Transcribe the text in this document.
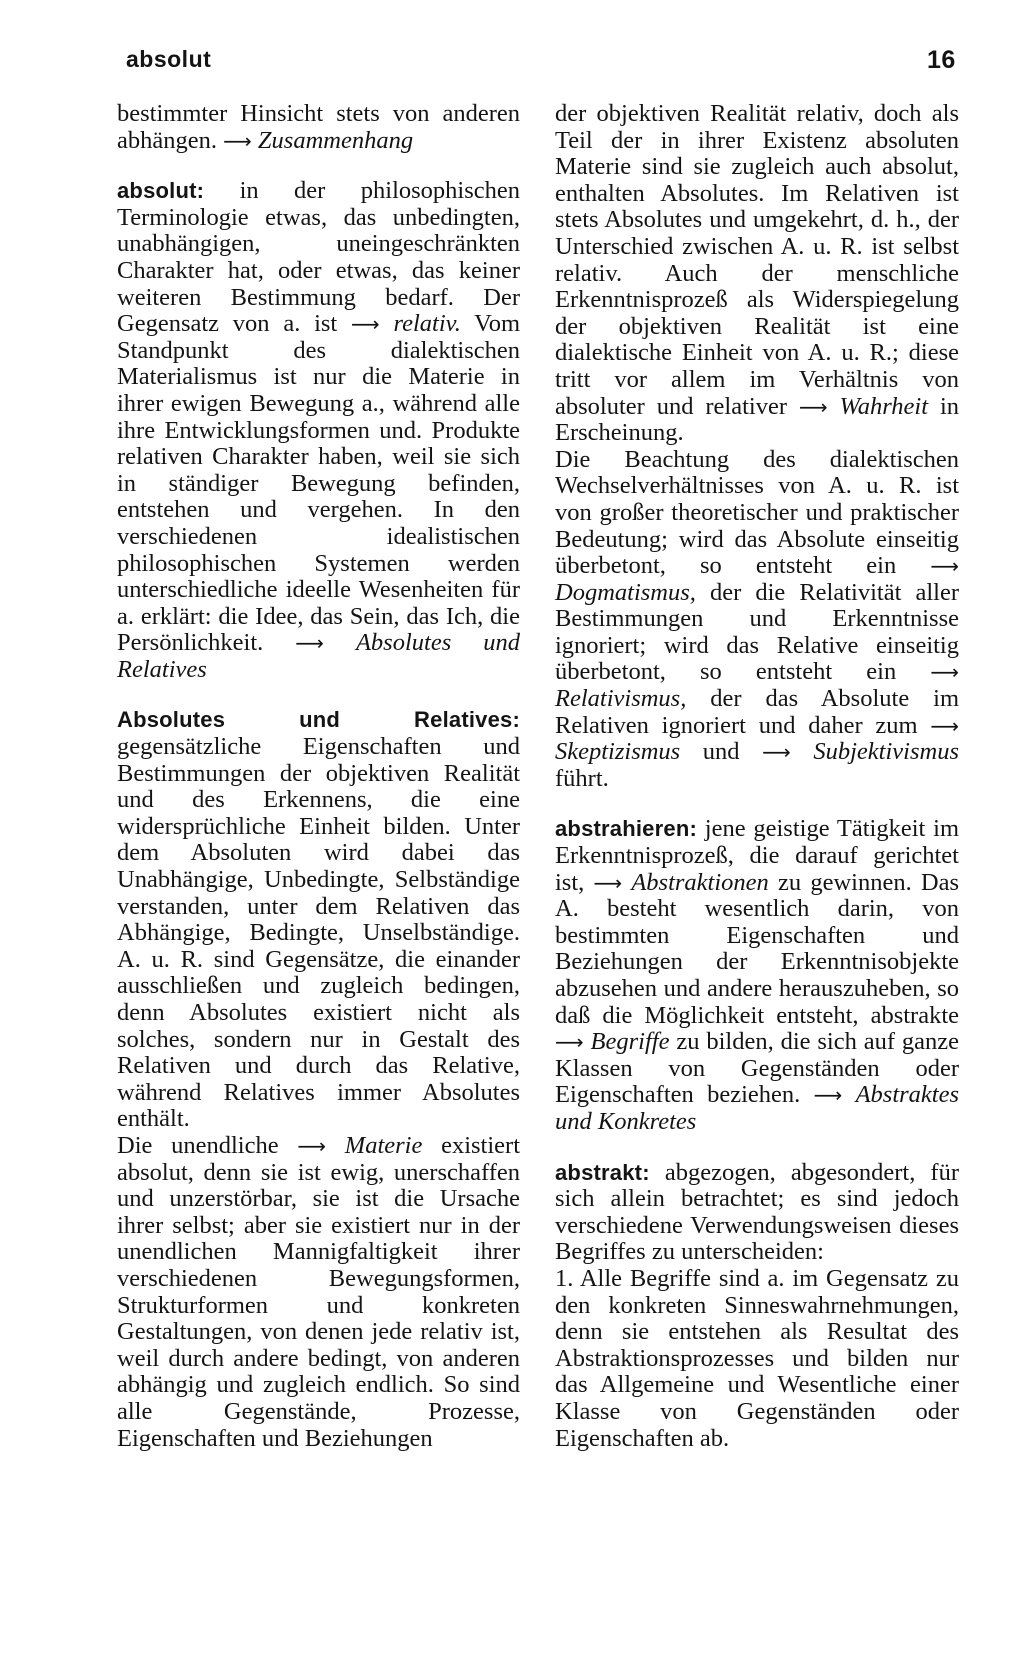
absolut	16

bestimmter Hinsicht stets von anderen abhängen. ⟶ Zusammenhang

absolut: in der philosophischen Terminologie etwas, das unbedingten, unabhängigen, uneingeschränkten Charakter hat, oder etwas, das keiner weiteren Bestimmung bedarf. Der Gegensatz von a. ist ⟶ relativ. Vom Standpunkt des dialektischen Materialismus ist nur die Materie in ihrer ewigen Bewegung a., während alle ihre Entwicklungsformen und. Produkte relativen Charakter haben, weil sie sich in ständiger Bewegung befinden, entstehen und vergehen. In den verschiedenen idealistischen philosophischen Systemen werden unterschiedliche ideelle Wesenheiten für a. erklärt: die Idee, das Sein, das Ich, die Persönlichkeit. ⟶ Absolutes und Relatives

Absolutes und Relatives: gegensätzliche Eigenschaften und Bestimmungen der objektiven Realität und des Erkennens, die eine widersprüchliche Einheit bilden. Unter dem Absoluten wird dabei das Unabhängige, Unbedingte, Selbständige verstanden, unter dem Relativen das Abhängige, Bedingte, Unselbständige. A. u. R. sind Gegensätze, die einander ausschließen und zugleich bedingen, denn Absolutes existiert nicht als solches, sondern nur in Gestalt des Relativen und durch das Relative, während Relatives immer Absolutes enthält.

Die unendliche ⟶ Materie existiert absolut, denn sie ist ewig, unerschaffen und unzerstörbar, sie ist die Ursache ihrer selbst; aber sie existiert nur in der unendlichen Mannigfaltigkeit ihrer verschiedenen Bewegungsformen, Strukturformen und konkreten Gestaltungen, von denen jede relativ ist, weil durch andere bedingt, von anderen abhängig und zugleich endlich. So sind alle Gegenstände, Prozesse, Eigenschaften und Beziehungen

der objektiven Realität relativ, doch als Teil der in ihrer Existenz absoluten Materie sind sie zugleich auch absolut, enthalten Absolutes. Im Relativen ist stets Absolutes und umgekehrt, d. h., der Unterschied zwischen A. u. R. ist selbst relativ. Auch der menschliche Erkenntnisprozeß als Widerspiegelung der objektiven Realität ist eine dialektische Einheit von A. u. R.; diese tritt vor allem im Verhältnis von absoluter und relativer ⟶ Wahrheit in Erscheinung.

Die Beachtung des dialektischen Wechselverhältnisses von A. u. R. ist von großer theoretischer und praktischer Bedeutung; wird das Absolute einseitig überbetont, so entsteht ein ⟶ Dogmatismus, der die Relativität aller Bestimmungen und Erkenntnisse ignoriert; wird das Relative einseitig überbetont, so entsteht ein ⟶ Relativismus, der das Absolute im Relativen ignoriert und daher zum ⟶ Skeptizismus und ⟶ Subjektivismus führt.

abstrahieren: jene geistige Tätigkeit im Erkenntnisprozeß, die darauf gerichtet ist, ⟶ Abstraktionen zu gewinnen. Das A. besteht wesentlich darin, von bestimmten Eigenschaften und Beziehungen der Erkenntnisobjekte abzusehen und andere herauszuheben, so daß die Möglichkeit entsteht, abstrakte ⟶ Begriffe zu bilden, die sich auf ganze Klassen von Gegenständen oder Eigenschaften beziehen. ⟶ Abstraktes und Konkretes

abstrakt: abgezogen, abgesondert, für sich allein betrachtet; es sind jedoch verschiedene Verwendungsweisen dieses Begriffes zu unterscheiden:

1. Alle Begriffe sind a. im Gegensatz zu den konkreten Sinneswahrnehmungen, denn sie entstehen als Resultat des Abstraktionsprozesses und bilden nur das Allgemeine und Wesentliche einer Klasse von Gegenständen oder Eigenschaften ab.
